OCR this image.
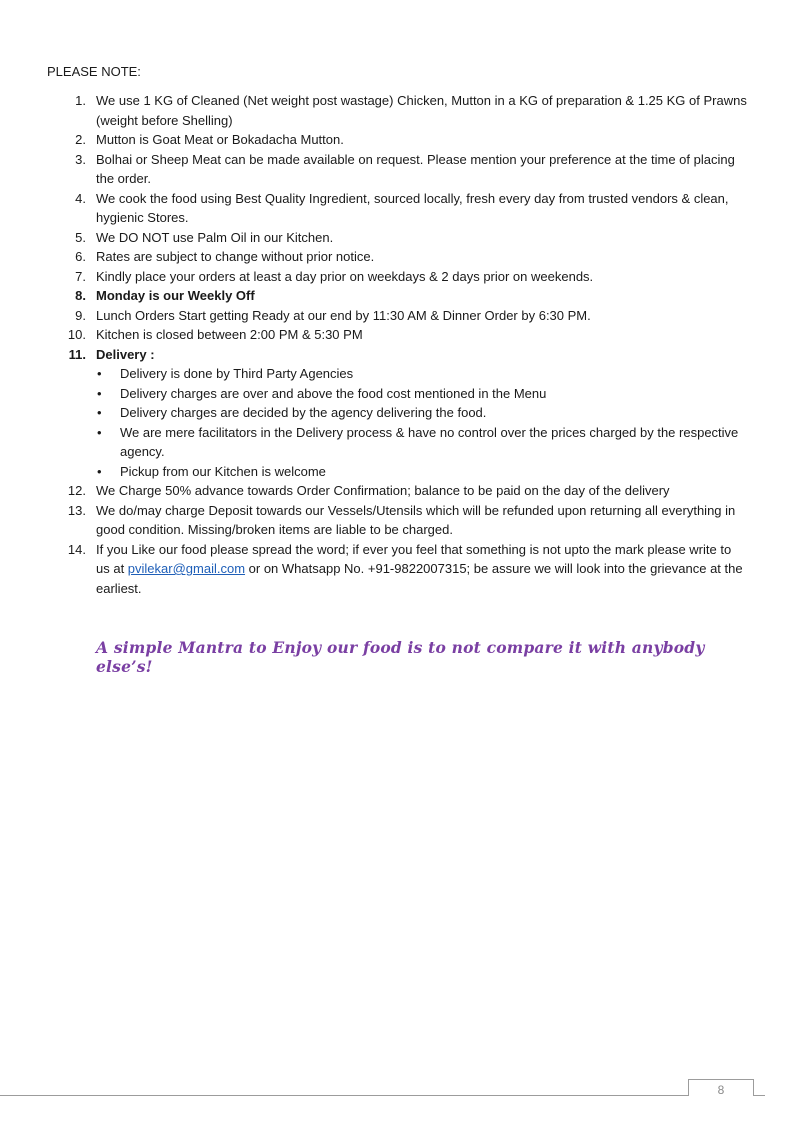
PLEASE NOTE:
1. We use 1 KG of Cleaned (Net weight post wastage) Chicken, Mutton in a KG of preparation & 1.25 KG of Prawns (weight before Shelling)
2. Mutton is Goat Meat or Bokadacha Mutton.
3. Bolhai or Sheep Meat can be made available on request. Please mention your preference at the time of placing the order.
4. We cook the food using Best Quality Ingredient, sourced locally, fresh every day from trusted vendors & clean, hygienic Stores.
5. We DO NOT use Palm Oil in our Kitchen.
6. Rates are subject to change without prior notice.
7. Kindly place your orders at least a day prior on weekdays & 2 days prior on weekends.
8. Monday is our Weekly Off
9. Lunch Orders Start getting Ready at our end by 11:30 AM & Dinner Order by 6:30 PM.
10. Kitchen is closed between 2:00 PM & 5:30 PM
11. Delivery :
• Delivery is done by Third Party Agencies
• Delivery charges are over and above the food cost mentioned in the Menu
• Delivery charges are decided by the agency delivering the food.
• We are mere facilitators in the Delivery process & have no control over the prices charged by the respective agency.
• Pickup from our Kitchen is welcome
12. We Charge 50% advance towards Order Confirmation; balance to be paid on the day of the delivery
13. We do/may charge Deposit towards our Vessels/Utensils which will be refunded upon returning all everything in good condition. Missing/broken items are liable to be charged.
14. If you Like our food please spread the word; if ever you feel that something is not upto the mark please write to us at pvilekar@gmail.com or on Whatsapp No. +91-9822007315; be assure we will look into the grievance at the earliest.
A simple Mantra to Enjoy our food is to not compare it with anybody else’s!
8
